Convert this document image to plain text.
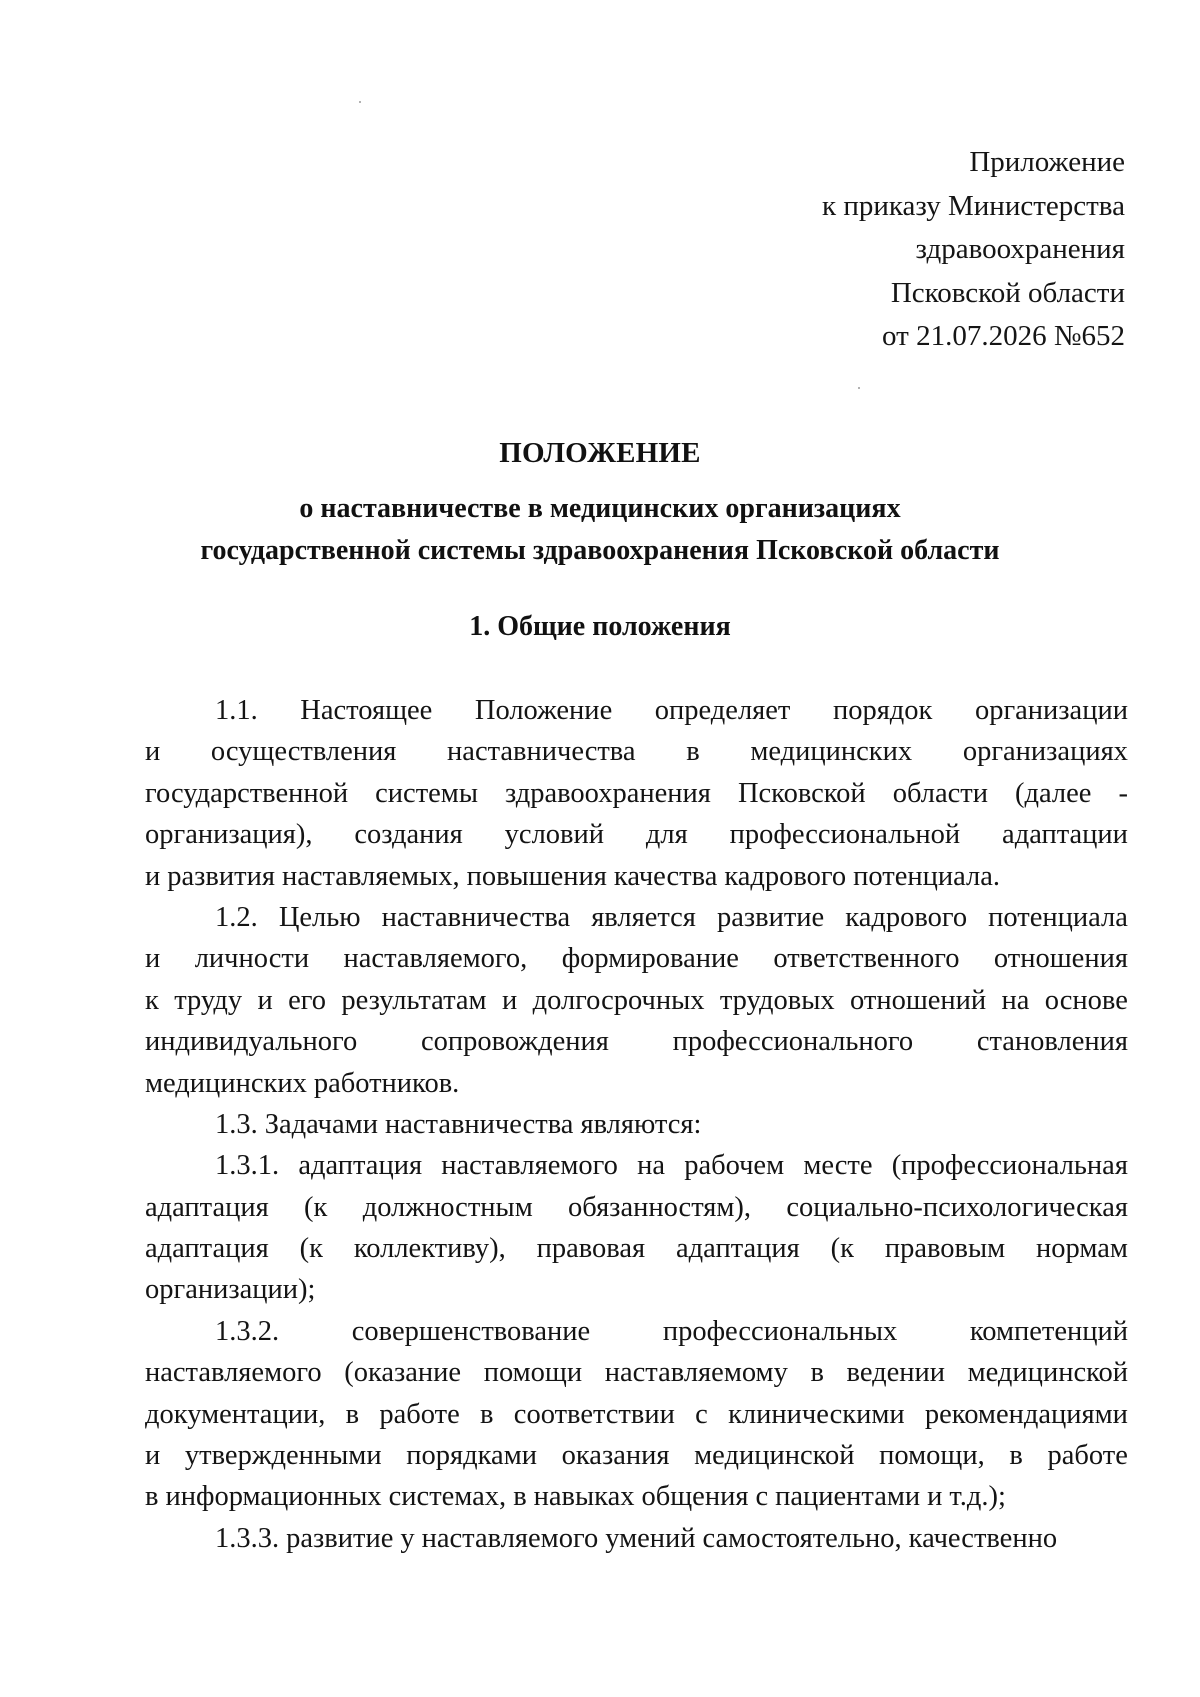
Приложение
к приказу Министерства
здравоохранения
Псковской области
от 21.07.2026 №652
ПОЛОЖЕНИЕ
о наставничестве в медицинских организациях
государственной системы здравоохранения Псковской области
1. Общие положения
1.1. Настоящее Положение определяет порядок организации
и осуществления наставничества в медицинских организациях
государственной системы здравоохранения Псковской области (далее -
организация), создания условий для профессиональной адаптации
и развития наставляемых, повышения качества кадрового потенциала.
1.2. Целью наставничества является развитие кадрового потенциала
и личности наставляемого, формирование ответственного отношения
к труду и его результатам и долгосрочных трудовых отношений на основе
индивидуального сопровождения профессионального становления
медицинских работников.
1.3. Задачами наставничества являются:
1.3.1. адаптация наставляемого на рабочем месте (профессиональная
адаптация (к должностным обязанностям), социально-психологическая
адаптация (к коллективу), правовая адаптация (к правовым нормам
организации);
1.3.2.	совершенствование	профессиональных	компетенций
наставляемого (оказание помощи наставляемому в ведении медицинской
документации, в работе в соответствии с клиническими рекомендациями
и утвержденными порядками оказания медицинской помощи, в работе
в информационных системах, в навыках общения с пациентами и т.д.);
1.3.3. развитие у наставляемого умений самостоятельно, качественно
